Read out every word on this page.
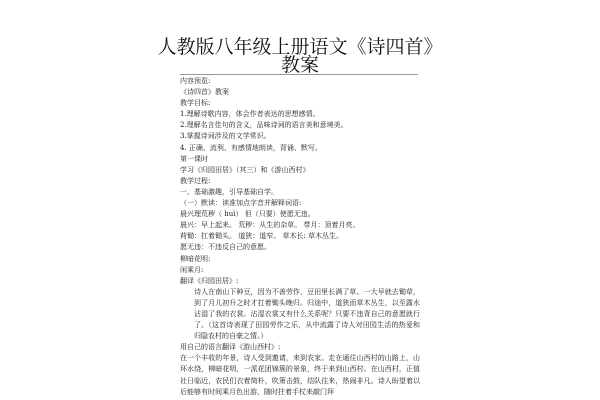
人教版八年级上册语文《诗四首》
教案
内容预览:
《诗四首》教案
教学目标:
1.理解诗歌内容，体会作者表达的思想感情。
2.理解名言佳句的含义，品味诗词的语言美和意境美。
3.掌握诗词涉及的文学常识。
4. 正确、流利、有感情地朗读，背诵、默写。
第一课时
学习《归园田居》（其三）和《游山西村》
教学过程:
一、基础激趣，引导基础自学。
（一）默读：读准加点字音并解释词语:
晨兴理荒秽（ huì） 但（只要）使愿无违。
晨兴：早上起来。 荒秽：从生的杂草。 带月：顶着月亮。
荷锄：扛着锄头。 道狭：道窄。 草木长: 草木丛生。
愿无违：不违反自己的意愿。
柳暗花明:
闲乘月:
翻译《归园田居》:
诗人在南山下种豆，因为不善劳作，豆田里长满了草。一大早就去锄草，到了月儿初升之时才扛着锄头晚归。归途中，道狭而草木丛生，以至露水沾湿了我的衣裳。沾湿衣裳又有什么关系呢？只要不违背自己的意愿就行了。（这首诗表现了田园劳作之乐，从中流露了诗人对田园生活的热爱和归隐农村的自豪之情。）
用自己的语言翻译《游山西村》:
在一个丰收的年景，诗人受到邀请，来到农家。走在通往山西村的山路上，山环水绕，柳暗花明，一派花团锦簇的景象，终于来到山西村。在山西村，正值社日临近，农民们衣着简朴，吹箫击鼓，结队往来，热闹非凡。诗人盼望着以后能够有时间乘月色出游，随时拄着手杖来敲门拜
